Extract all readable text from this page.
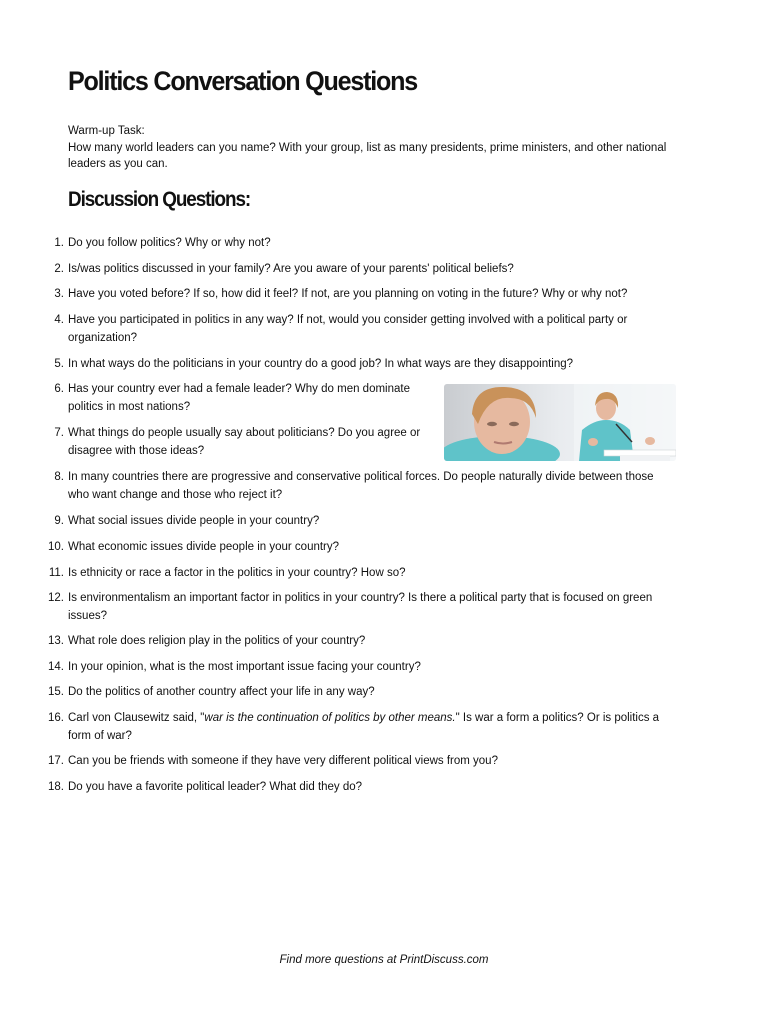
Politics Conversation Questions
Warm-up Task:
How many world leaders can you name? With your group, list as many presidents, prime ministers, and other national leaders as you can.
Discussion Questions:
1. Do you follow politics? Why or why not?
2. Is/was politics discussed in your family? Are you aware of your parents' political beliefs?
3. Have you voted before? If so, how did it feel? If not, are you planning on voting in the future? Why or why not?
4. Have you participated in politics in any way? If not, would you consider getting involved with a political party or organization?
5. In what ways do the politicians in your country do a good job? In what ways are they disappointing?
6. Has your country ever had a female leader? Why do men dominate politics in most nations?
7. What things do people usually say about politicians? Do you agree or disagree with those ideas?
8. In many countries there are progressive and conservative political forces. Do people naturally divide between those who want change and those who reject it?
9. What social issues divide people in your country?
10. What economic issues divide people in your country?
11. Is ethnicity or race a factor in the politics in your country? How so?
12. Is environmentalism an important factor in politics in your country? Is there a political party that is focused on green issues?
13. What role does religion play in the politics of your country?
14. In your opinion, what is the most important issue facing your country?
15. Do the politics of another country affect your life in any way?
16. Carl von Clausewitz said, "war is the continuation of politics by other means." Is war a form a politics? Or is politics a form of war?
17. Can you be friends with someone if they have very different political views from you?
18. Do you have a favorite political leader? What did they do?
Find more questions at PrintDiscuss.com
